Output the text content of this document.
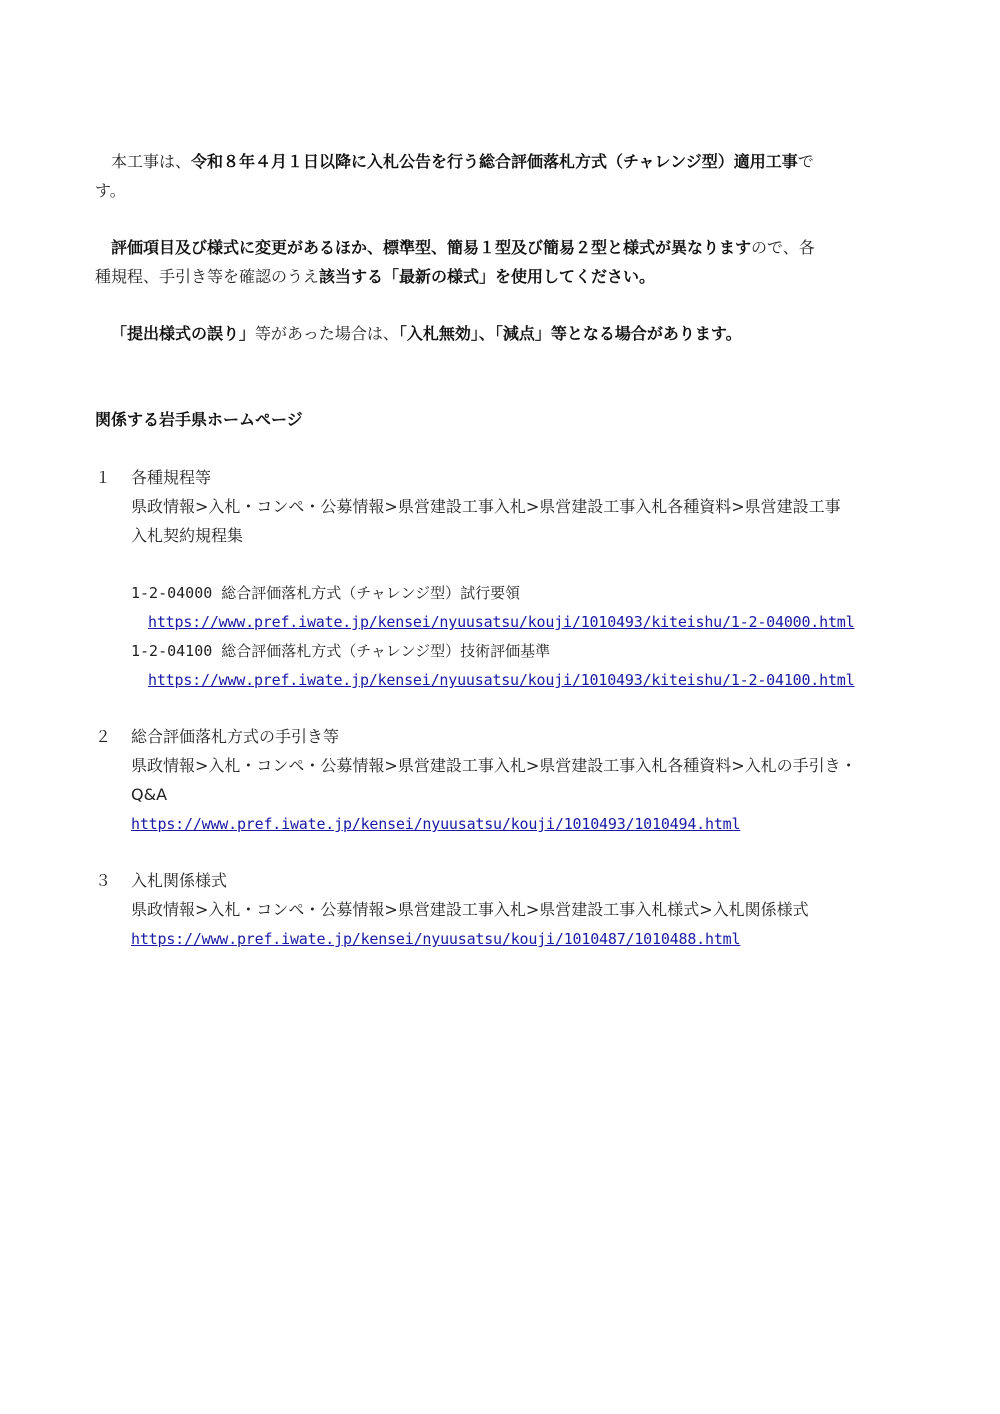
本工事は、令和８年４月１日以降に入札公告を行う総合評価落札方式（チャレンジ型）適用工事で
す。
評価項目及び様式に変更があるほか、標準型、簡易１型及び簡易２型と様式が異なりますので、各
種規程、手引き等を確認のうえ該当する「最新の様式」を使用してください。
「提出様式の誤り」等があった場合は、「入札無効」、「減点」等となる場合があります。
関係する岩手県ホームページ
１ 各種規程等
県政情報>入札・コンペ・公募情報>県営建設工事入札>県営建設工事入札各種資料>県営建設工事
入札契約規程集
1-2-04000 総合評価落札方式（チャレンジ型）試行要領
https://www.pref.iwate.jp/kensei/nyuusatsu/kouji/1010493/kiteishu/1-2-04000.html
1-2-04100 総合評価落札方式（チャレンジ型）技術評価基準
https://www.pref.iwate.jp/kensei/nyuusatsu/kouji/1010493/kiteishu/1-2-04100.html
２ 総合評価落札方式の手引き等
県政情報>入札・コンペ・公募情報>県営建設工事入札>県営建設工事入札各種資料>入札の手引き・
Q&A
https://www.pref.iwate.jp/kensei/nyuusatsu/kouji/1010493/1010494.html
３ 入札関係様式
県政情報>入札・コンペ・公募情報>県営建設工事入札>県営建設工事入札様式>入札関係様式
https://www.pref.iwate.jp/kensei/nyuusatsu/kouji/1010487/1010488.html
